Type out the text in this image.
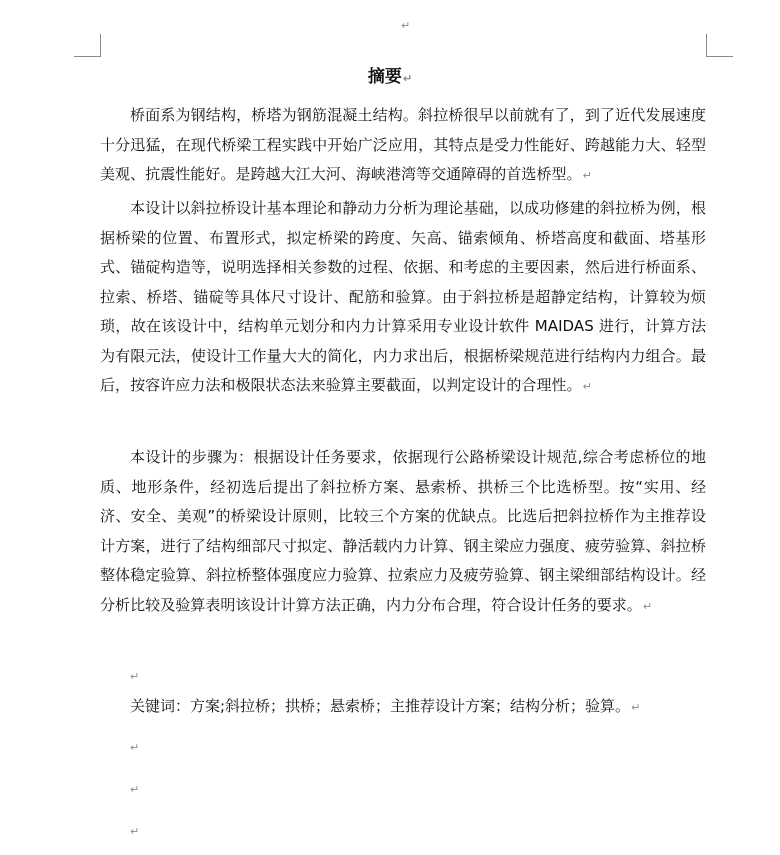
↵
摘要↵
桥面系为钢结构，桥塔为钢筋混凝土结构。斜拉桥很早以前就有了，到了近代发展速度十分迅猛，在现代桥梁工程实践中开始广泛应用，其特点是受力性能好、跨越能力大、轻型美观、抗震性能好。是跨越大江大河、海峡港湾等交通障碍的首选桥型。↵
本设计以斜拉桥设计基本理论和静动力分析为理论基础，以成功修建的斜拉桥为例，根据桥梁的位置、布置形式，拟定桥梁的跨度、矢高、锚索倾角、桥塔高度和截面、塔基形式、锚碇构造等，说明选择相关参数的过程、依据、和考虑的主要因素，然后进行桥面系、拉索、桥塔、锚碇等具体尺寸设计、配筋和验算。由于斜拉桥是超静定结构，计算较为烦琐，故在该设计中，结构单元划分和内力计算采用专业设计软件 MAIDAS 进行，计算方法为有限元法，使设计工作量大大的简化，内力求出后，根据桥梁规范进行结构内力组合。最后，按容许应力法和极限状态法来验算主要截面，以判定设计的合理性。↵
本设计的步骤为：根据设计任务要求，依据现行公路桥梁设计规范,综合考虑桥位的地质、地形条件，经初选后提出了斜拉桥方案、悬索桥、拱桥三个比选桥型。按“实用、经济、安全、美观”的桥梁设计原则，比较三个方案的优缺点。比选后把斜拉桥作为主推荐设计方案，进行了结构细部尺寸拟定、静活载内力计算、钢主梁应力强度、疲劳验算、斜拉桥整体稳定验算、斜拉桥整体强度应力验算、拉索应力及疲劳验算、钢主梁细部结构设计。经分析比较及验算表明该设计计算方法正确，内力分布合理，符合设计任务的要求。↵
↵
关键词：方案;斜拉桥；拱桥；悬索桥；主推荐设计方案；结构分析；验算。↵
↵
↵
↵
